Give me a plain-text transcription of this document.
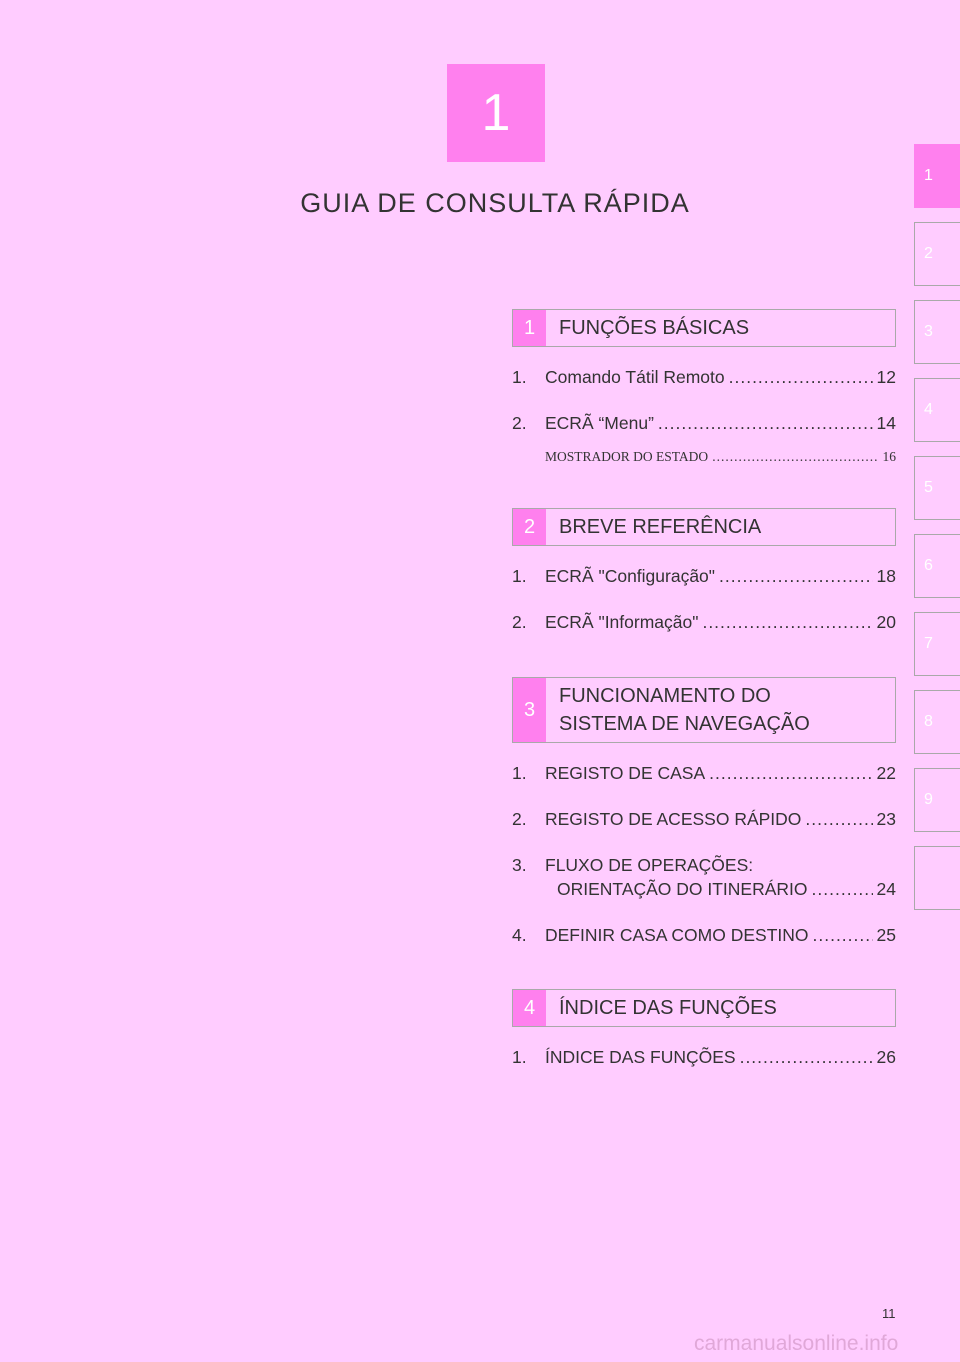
1
GUIA DE CONSULTA RÁPIDA
1
2
3
4
5
6
7
8
9
1	FUNÇÕES BÁSICAS
1.	Comando Tátil Remoto .....	12
2.	ECRÃ “Menu” .....	14
MOSTRADOR DO ESTADO .....	16
2	BREVE REFERÊNCIA
1.	ECRÃ "Configuração" .....	18
2.	ECRÃ "Informação" .....	20
3
FUNCIONAMENTO DO
SISTEMA DE NAVEGAÇÃO
1.	REGISTO DE CASA .....	22
2.	REGISTO DE ACESSO RÁPIDO .....	23
3.	FLUXO DE OPERAÇÕES:
ORIENTAÇÃO DO ITINERÁRIO .....	24
4.	DEFINIR CASA COMO DESTINO .....	25
4	ÍNDICE DAS FUNÇÕES
1.	ÍNDICE DAS FUNÇÕES .....	26
11
carmanualsonline.info
